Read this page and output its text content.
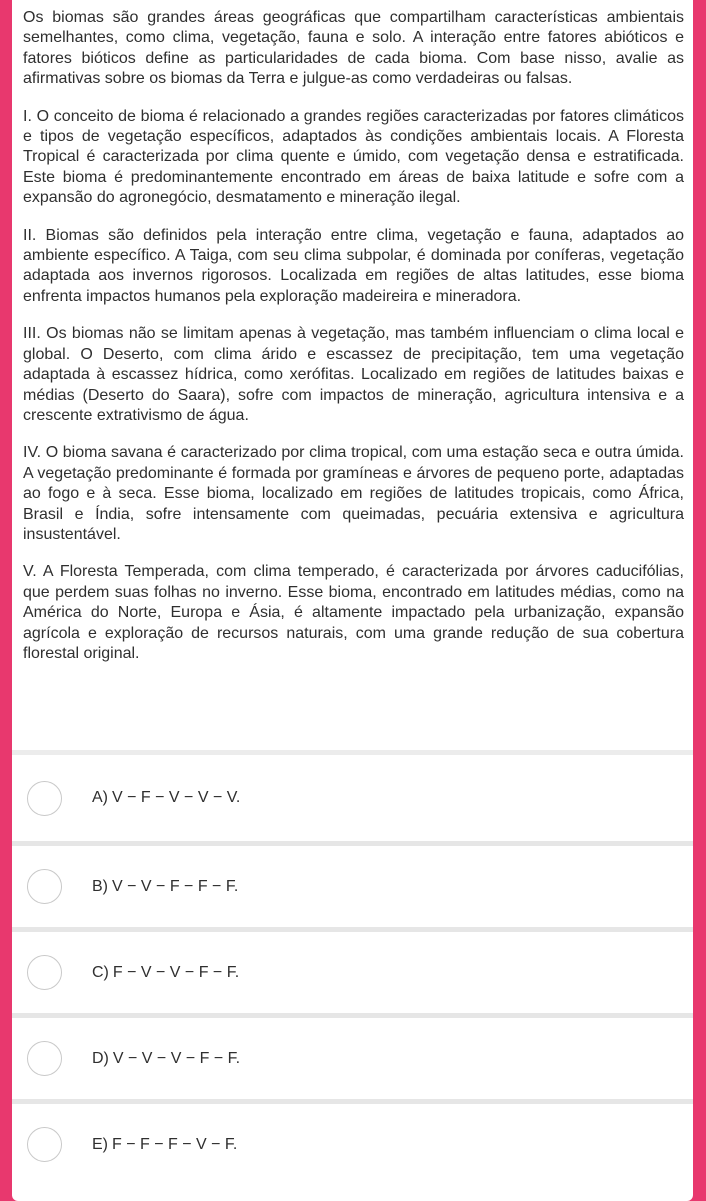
Os biomas são grandes áreas geográficas que compartilham características ambientais semelhantes, como clima, vegetação, fauna e solo. A interação entre fatores abióticos e fatores bióticos define as particularidades de cada bioma. Com base nisso, avalie as afirmativas sobre os biomas da Terra e julgue-as como verdadeiras ou falsas.

I. O conceito de bioma é relacionado a grandes regiões caracterizadas por fatores climáticos e tipos de vegetação específicos, adaptados às condições ambientais locais. A Floresta Tropical é caracterizada por clima quente e úmido, com vegetação densa e estratificada. Este bioma é predominantemente encontrado em áreas de baixa latitude e sofre com a expansão do agronegócio, desmatamento e mineração ilegal.

II. Biomas são definidos pela interação entre clima, vegetação e fauna, adaptados ao ambiente específico. A Taiga, com seu clima subpolar, é dominada por coníferas, vegetação adaptada aos invernos rigorosos. Localizada em regiões de altas latitudes, esse bioma enfrenta impactos humanos pela exploração madeireira e mineradora.

III. Os biomas não se limitam apenas à vegetação, mas também influenciam o clima local e global. O Deserto, com clima árido e escassez de precipitação, tem uma vegetação adaptada à escassez hídrica, como xerófitas. Localizado em regiões de latitudes baixas e médias (Deserto do Saara), sofre com impactos de mineração, agricultura intensiva e a crescente extrativismo de água.

IV. O bioma savana é caracterizado por clima tropical, com uma estação seca e outra úmida. A vegetação predominante é formada por gramíneas e árvores de pequeno porte, adaptadas ao fogo e à seca. Esse bioma, localizado em regiões de latitudes tropicais, como África, Brasil e Índia, sofre intensamente com queimadas, pecuária extensiva e agricultura insustentável.

V. A Floresta Temperada, com clima temperado, é caracterizada por árvores caducifólias, que perdem suas folhas no inverno. Esse bioma, encontrado em latitudes médias, como na América do Norte, Europa e Ásia, é altamente impactado pela urbanização, expansão agrícola e exploração de recursos naturais, com uma grande redução de sua cobertura florestal original.

A) V − F − V − V − V.
B) V − V − F − F − F.
C) F − V − V − F − F.
D) V − V − V − F − F.
E) F − F − F − V − F.
